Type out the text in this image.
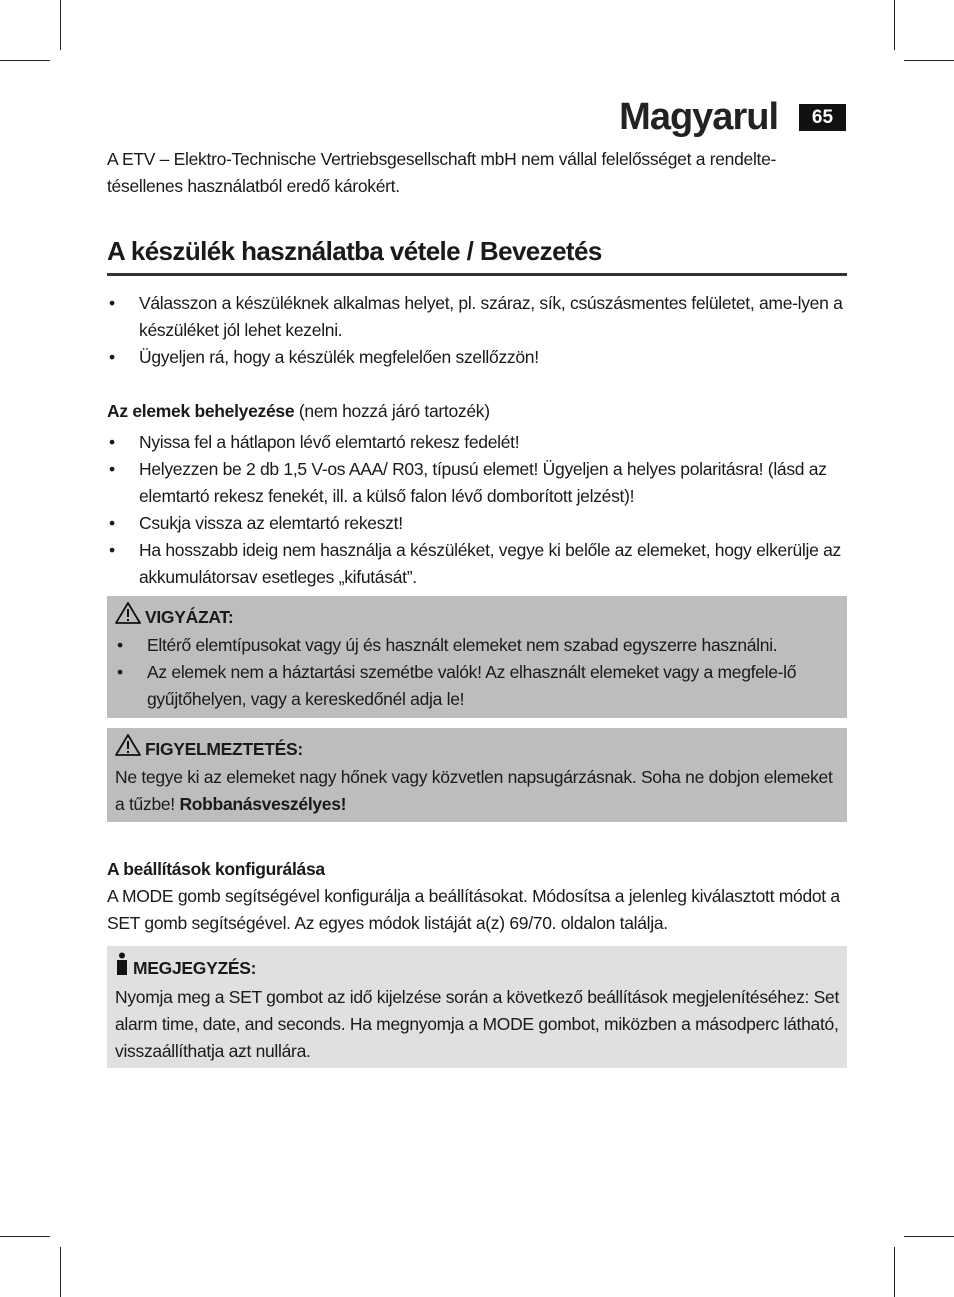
Magyarul	65
A ETV – Elektro-Technische Vertriebsgesellschaft mbH nem vállal felelősséget a rendelte-tésellenes használatból eredő károkért.
A készülék használatba vétele / Bevezetés
• Válasszon a készüléknek alkalmas helyet, pl. száraz, sík, csúszásmentes felületet, ame-lyen a készüléket jól lehet kezelni.
• Ügyeljen rá, hogy a készülék megfelelően szellőzzön!
Az elemek behelyezése (nem hozzá járó tartozék)
• Nyissa fel a hátlapon lévő elemtartó rekesz fedelét!
• Helyezzen be 2 db 1,5 V-os AAA/ R03, típusú elemet! Ügyeljen a helyes polaritásra! (lásd az elemtartó rekesz fenekét, ill. a külső falon lévő domborított jelzést)!
• Csukja vissza az elemtartó rekeszt!
• Ha hosszabb ideig nem használja a készüléket, vegye ki belőle az elemeket, hogy elkerülje az akkumulátorsav esetleges „kifutását”.
VIGYÁZAT:
• Eltérő elemtípusokat vagy új és használt elemeket nem szabad egyszerre használni.
• Az elemek nem a háztartási szemétbe valók! Az elhasznált elemeket vagy a megfele-lő gyűjtőhelyen, vagy a kereskedőnél adja le!
FIGYELMEZTETÉS:
Ne tegye ki az elemeket nagy hőnek vagy közvetlen napsugárzásnak. Soha ne dobjon elemeket a tűzbe! Robbanásveszélyes!
A beállítások konfigurálása
A MODE gomb segítségével konfigurálja a beállításokat. Módosítsa a jelenleg kiválasztott módot a SET gomb segítségével. Az egyes módok listáját a(z) 69/70. oldalon találja.
MEGJEGYZÉS:
Nyomja meg a SET gombot az idő kijelzése során a következő beállítások megjelenítéséhez: Set alarm time, date, and seconds. Ha megnyomja a MODE gombot, miközben a másodperc látható, visszaállíthatja azt nullára.
